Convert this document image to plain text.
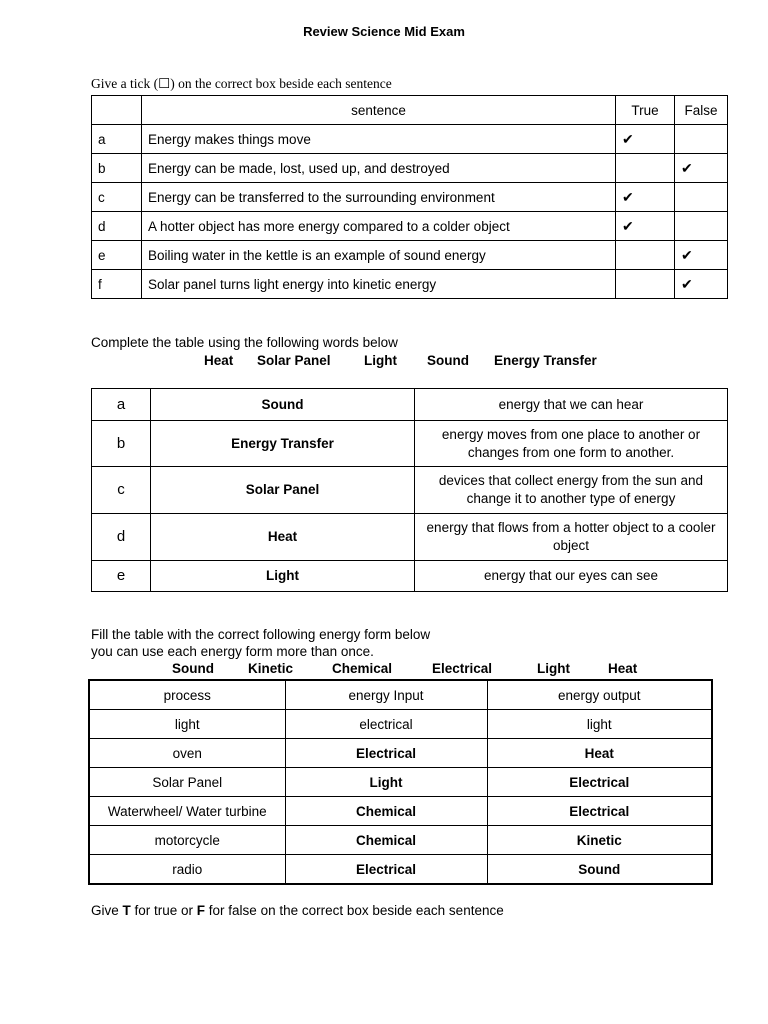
Review Science Mid Exam
Give a tick (☐) on the correct box beside each sentence
	sentence	True	False
a	Energy makes things move	✔	
b	Energy can be made, lost, used up, and destroyed		✔
c	Energy can be transferred to the surrounding environment	✔	
d	A hotter object has more energy compared to a colder object	✔	
e	Boiling water in the kettle is an example of sound energy		✔
f	Solar panel turns light energy into kinetic energy		✔
Complete the table using the following words below
Heat Solar Panel Light Sound Energy Transfer
a	Sound	energy that we can hear
b	Energy Transfer	energy moves from one place to another or changes from one form to another.
c	Solar Panel	devices that collect energy from the sun and change it to another type of energy
d	Heat	energy that flows from a hotter object to a cooler object
e	Light	energy that our eyes can see
Fill the table with the correct following energy form below
you can use each energy form more than once.
Sound	Kinetic	Chemical	Electrical	Light	Heat
process	energy Input	energy output
light	electrical	light
oven	Electrical	Heat
Solar Panel	Light	Electrical
Waterwheel/ Water turbine	Chemical	Electrical
motorcycle	Chemical	Kinetic
radio	Electrical	Sound
Give T for true or F for false on the correct box beside each sentence
